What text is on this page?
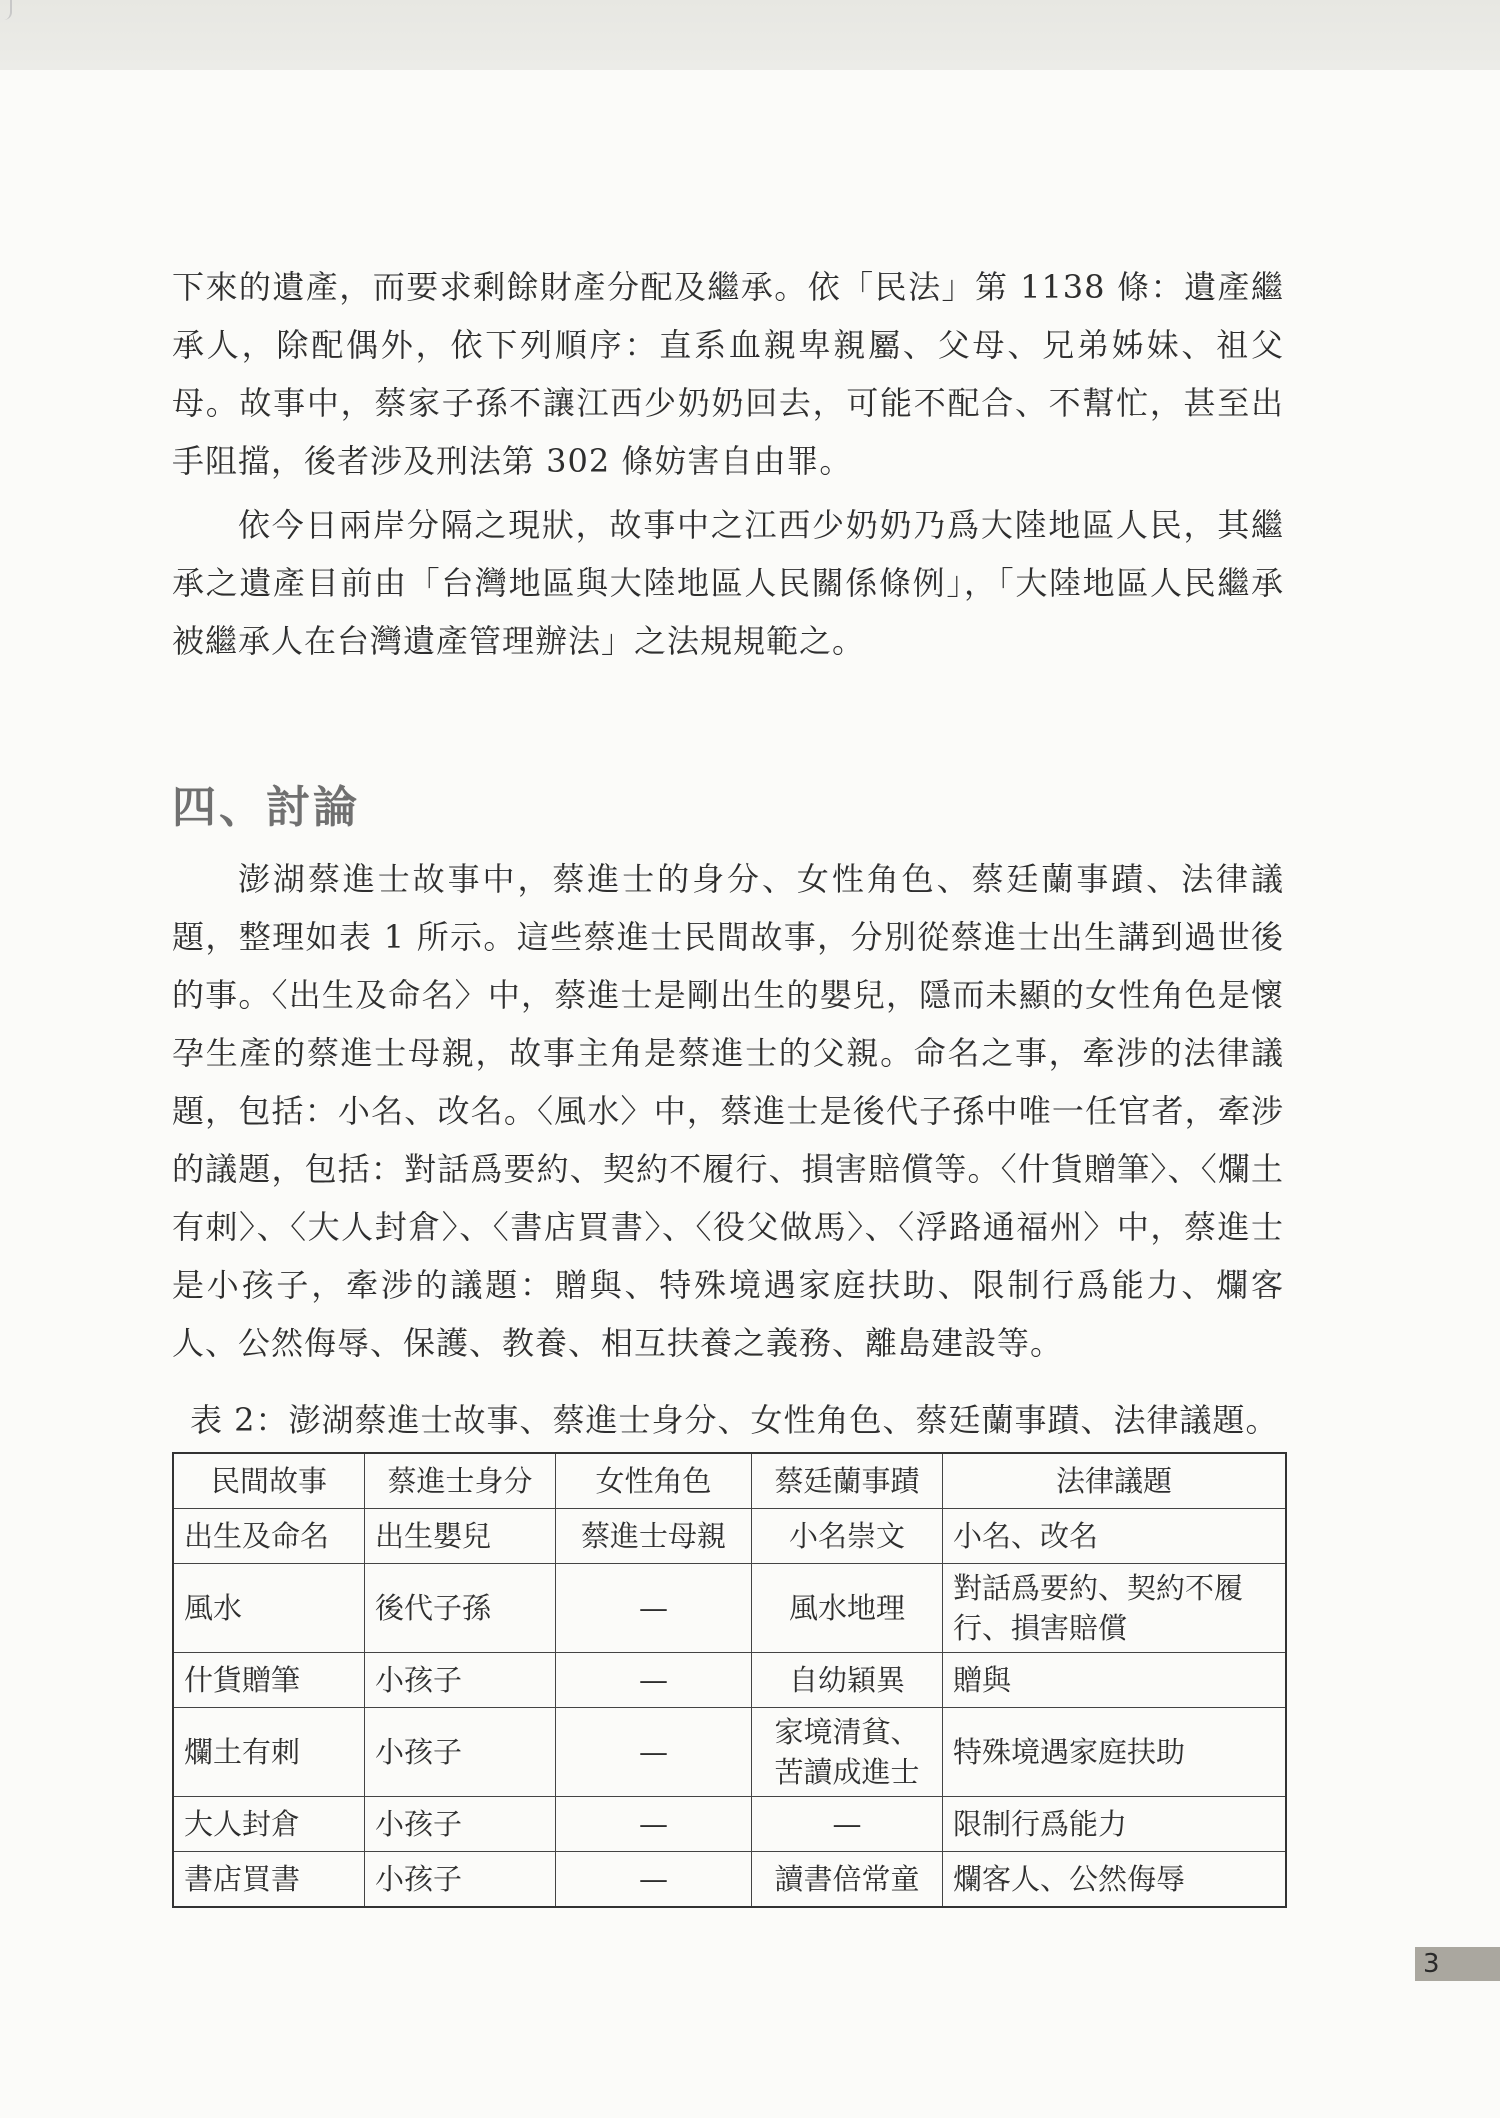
下來的遺產，而要求剩餘財產分配及繼承。依「民法」第 1138 條：遺產繼承人，除配偶外，依下列順序：直系血親卑親屬、父母、兄弟姊妹、祖父母。故事中，蔡家子孫不讓江西少奶奶回去，可能不配合、不幫忙，甚至出手阻擋，後者涉及刑法第 302 條妨害自由罪。

依今日兩岸分隔之現狀，故事中之江西少奶奶乃爲大陸地區人民，其繼承之遺產目前由「台灣地區與大陸地區人民關係條例」，「大陸地區人民繼承被繼承人在台灣遺產管理辦法」之法規規範之。

四、討論

澎湖蔡進士故事中，蔡進士的身分、女性角色、蔡廷蘭事蹟、法律議題，整理如表 1 所示。這些蔡進士民間故事，分別從蔡進士出生講到過世後的事。〈出生及命名〉中，蔡進士是剛出生的嬰兒，隱而未顯的女性角色是懷孕生產的蔡進士母親，故事主角是蔡進士的父親。命名之事，牽涉的法律議題，包括：小名、改名。〈風水〉中，蔡進士是後代子孫中唯一任官者，牽涉的議題，包括：對話爲要約、契約不履行、損害賠償等。〈什貨贈筆〉、〈爛土有刺〉、〈大人封倉〉、〈書店買書〉、〈役父做馬〉、〈浮路通福州〉中，蔡進士是小孩子，牽涉的議題：贈與、特殊境遇家庭扶助、限制行爲能力、爛客人、公然侮辱、保護、教養、相互扶養之義務、離島建設等。

表 2：澎湖蔡進士故事、蔡進士身分、女性角色、蔡廷蘭事蹟、法律議題。
民間故事	蔡進士身分	女性角色	蔡廷蘭事蹟	法律議題
出生及命名	出生嬰兒	蔡進士母親	小名崇文	小名、改名
風水	後代子孫	—	風水地理	對話爲要約、契約不履行、損害賠償
什貨贈筆	小孩子	—	自幼穎異	贈與
爛土有刺	小孩子	—	家境清貧、苦讀成進士	特殊境遇家庭扶助
大人封倉	小孩子	—	—	限制行爲能力
書店買書	小孩子	—	讀書倍常童	爛客人、公然侮辱
3
